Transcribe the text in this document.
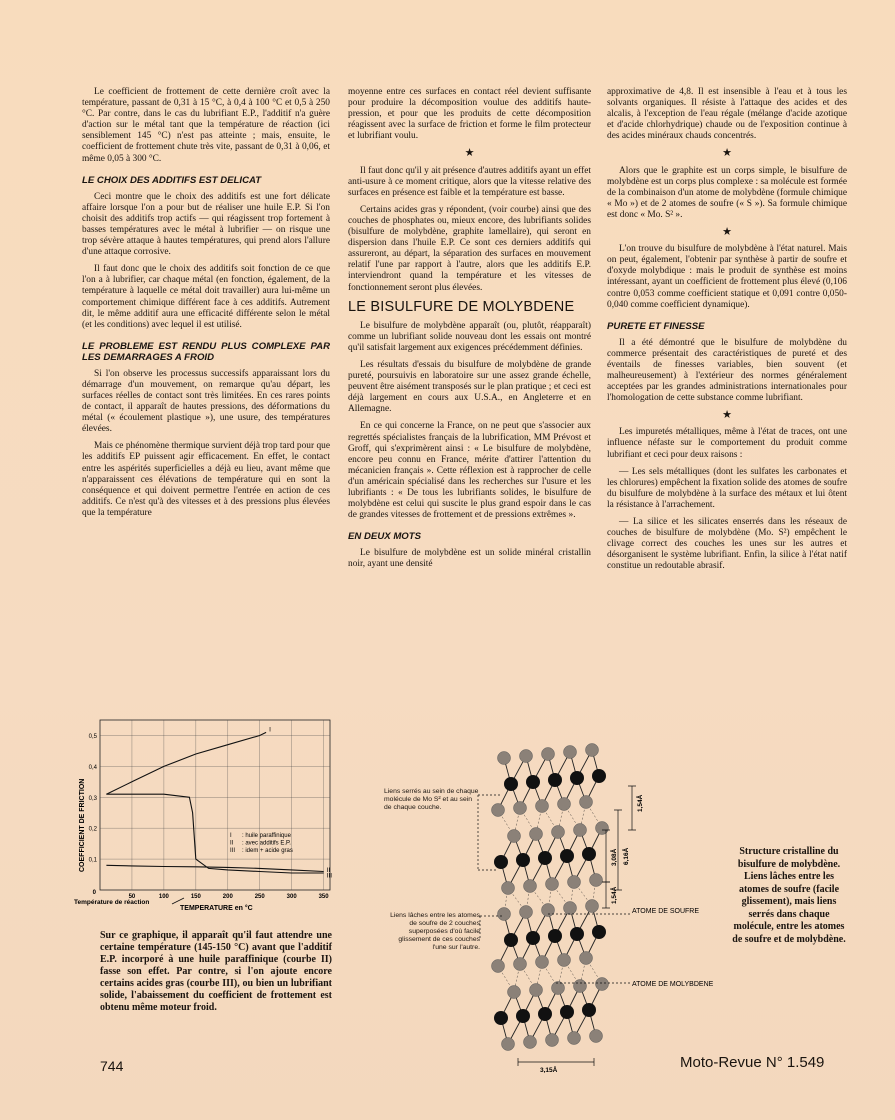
Le coefficient de frottement de cette dernière croît avec la température, passant de 0,31 à 15 °C, à 0,4 à 100 °C et 0,5 à 250 °C. Par contre, dans le cas du lubrifiant E.P., l'additif n'a guère d'action sur le métal tant que la température de réaction (ici sensiblement 145 °C) n'est pas atteinte ; mais, ensuite, le coefficient de frottement chute très vite, passant de 0,31 à 0,06, et même 0,05 à 300 °C.

LE CHOIX DES ADDITIFS EST DELICAT

Ceci montre que le choix des additifs est une fort délicate affaire lorsque l'on a pour but de réaliser une huile E.P. Si l'on choisit des additifs trop actifs — qui réagissent trop fortement à basses températures avec le métal à lubrifier — on risque une trop sévère attaque à hautes températures, qui prend alors l'allure d'une attaque corrosive.

Il faut donc que le choix des additifs soit fonction de ce que l'on a à lubrifier, car chaque métal (en fonction, également, de la température à laquelle ce métal doit travailler) aura lui-même un comportement chimique différent face à ces additifs. Autrement dit, le même additif aura une efficacité différente selon le métal (et les conditions) avec lequel il est utilisé.

LE PROBLEME EST RENDU PLUS COMPLEXE PAR LES DEMARRAGES A FROID

Si l'on observe les processus successifs apparaissant lors du démarrage d'un mouvement, on remarque qu'au départ, les surfaces réelles de contact sont très limitées. En ces rares points de contact, il apparaît de hautes pressions, des déformations du métal (« écoulement plastique »), une usure, des températures élevées.

Mais ce phénomène thermique survient déjà trop tard pour que les additifs EP puissent agir efficacement. En effet, le contact entre les aspérités superficielles a déjà eu lieu, avant même que n'apparaissent ces élévations de température qui en sont la conséquence et qui doivent permettre l'entrée en action de ces additifs. Ce n'est qu'à des vitesses et à des pressions plus élevées que la température

moyenne entre ces surfaces en contact réel devient suffisante pour produire la décomposition voulue des additifs haute-pression, et pour que les produits de cette décomposition réagissent avec la surface de friction et forme le film protecteur et lubrifiant voulu.

★

Il faut donc qu'il y ait présence d'autres additifs ayant un effet anti-usure à ce moment critique, alors que la vitesse relative des surfaces en présence est faible et la température est basse.

Certains acides gras y répondent, (voir courbe) ainsi que des couches de phosphates ou, mieux encore, des lubrifiants solides (bisulfure de molybdène, graphite lamellaire), qui seront en dispersion dans l'huile E.P. Ce sont ces derniers additifs qui assureront, au départ, la séparation des surfaces en mouvement relatif l'une par rapport à l'autre, alors que les additifs E.P. interviendront quand la température et les vitesses de fonctionnement seront plus élevées.

LE BISULFURE DE MOLYBDENE

Le bisulfure de molybdène apparaît (ou, plutôt, réapparaît) comme un lubrifiant solide nouveau dont les essais ont montré qu'il satisfait largement aux exigences précédemment définies.

Les résultats d'essais du bisulfure de molybdène de grande pureté, poursuivis en laboratoire sur une assez grande échelle, peuvent être aisément transposés sur le plan pratique ; et ceci est déjà largement en cours aux U.S.A., en Angleterre et en Allemagne.

En ce qui concerne la France, on ne peut que s'associer aux regrettés spécialistes français de la lubrification, MM Prévost et Groff, qui s'exprimèrent ainsi : « Le bisulfure de molybdène, encore peu connu en France, mérite d'attirer l'attention du mécanicien français ». Cette réflexion est à rapprocher de celle d'un américain spécialisé dans les recherches sur l'usure et les lubrifiants : « De tous les lubrifiants solides, le bisulfure de molybdène est celui qui suscite le plus grand espoir dans le cas de grandes vitesses de frottement et de pressions extrêmes ».

EN DEUX MOTS

Le bisulfure de molybdène est un solide minéral cristallin noir, ayant une densité

approximative de 4,8. Il est insensible à l'eau et à tous les solvants organiques. Il résiste à l'attaque des acides et des alcalis, à l'exception de l'eau régale (mélange d'acide azotique et d'acide chlorhydrique) chaude ou de l'exposition continue à des acides minéraux chauds concentrés.

★

Alors que le graphite est un corps simple, le bisulfure de molybdène est un corps plus complexe : sa molécule est formée de la combinaison d'un atome de molybdène (formule chimique « Mo ») et de 2 atomes de soufre (« S »). Sa formule chimique est donc « Mo. S² ».

★

L'on trouve du bisulfure de molybdène à l'état naturel. Mais on peut, également, l'obtenir par synthèse à partir de soufre et d'oxyde molybdique : mais le produit de synthèse est moins intéressant, ayant un coefficient de frottement plus élevé (0,106 contre 0,053 comme coefficient statique et 0,091 contre 0,050-0,040 comme coefficient dynamique).

PURETE ET FINESSE

Il a été démontré que le bisulfure de molybdène du commerce présentait des caractéristiques de pureté et des éventails de finesses variables, bien souvent (et malheureusement) à l'extérieur des normes généralement acceptées par les grandes administrations internationales pour l'homologation de cette substance comme lubrifiant.

★

Les impuretés métalliques, même à l'état de traces, ont une influence néfaste sur le comportement du produit comme lubrifiant et ceci pour deux raisons :

— Les sels métalliques (dont les sulfates les carbonates et les chlorures) empêchent la fixation solide des atomes de soufre du bisulfure de molybdène à la surface des métaux et lui ôtent la résistance à l'arrachement.

— La silice et les silicates enserrés dans les réseaux de couches de bisulfure de molybdène (Mo. S²) empêchent le clivage correct des couches les unes sur les autres et désorganisent le système lubrifiant. Enfin, la silice à l'état natif constitue un redoutable abrasif.

COEFFICIENT DE FRICTION
I
II
III
0,1
0,2
0,3
0,4
0,5
50	100	150	200	250	300	350
0
I : huile paraffinique
II : avec additifs E.P.
III : idem + acide gras
Température de réaction
TEMPERATURE en °C
Sur ce graphique, il apparaît qu'il faut attendre une certaine température (145-150 °C) avant que l'additif E.P. incorporé à une huile paraffinique (courbe II) fasse son effet. Par contre, si l'on ajoute encore certains acides gras (courbe III), ou bien un lubrifiant solide, l'abaissement du coefficient de frottement est obtenu même moteur froid.
1,54Å
3,08Å 6,16Å
1,54Å
3,15Å
ATOME DE SOUFRE
ATOME DE MOLYBDENE
Liens serrés au sein de chaque molécule de Mo S² et au sein de chaque couche.
Liens lâches entre les atomes de soufre de 2 couches superposées d'où facile glissement de ces couches l'une sur l'autre.
Structure cristalline du bisulfure de molybdène. Liens lâches entre les atomes de soufre (facile glissement), mais liens serrés dans chaque molécule, entre les atomes de soufre et de molybdène.
744	Moto-Revue N° 1.549
